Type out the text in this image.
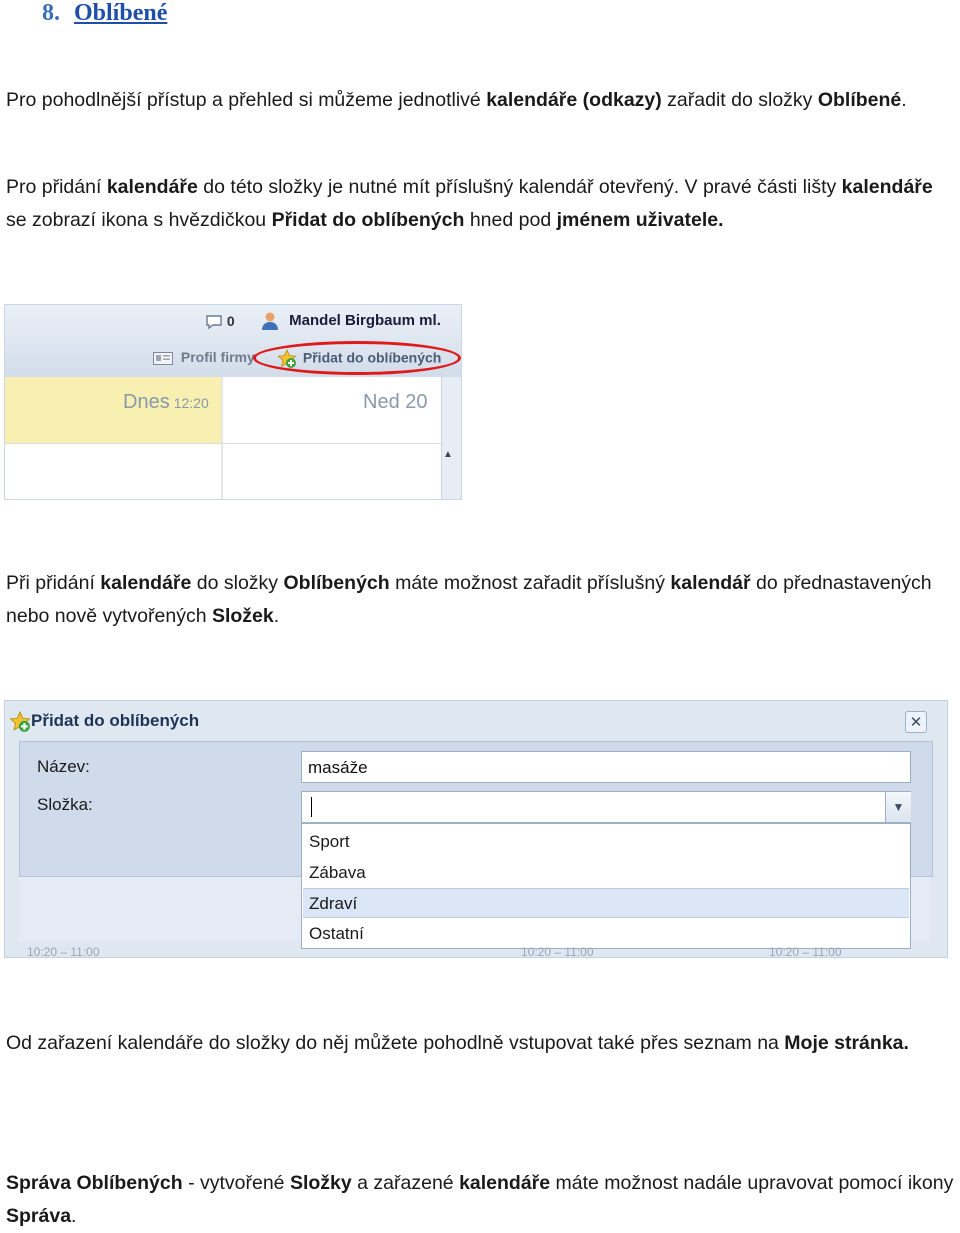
8. Oblíbené
Pro pohodlnější přístup a přehled si můžeme jednotlivé kalendáře (odkazy) zařadit do složky Oblíbené.
Pro přidání kalendáře do této složky je nutné mít příslušný kalendář otevřený. V pravé části lišty kalendáře se zobrazí ikona s hvězdičkou Přidat do oblíbených hned pod jménem uživatele.
0	Mandel Birgbaum ml.
Profil firmy	Přidat do oblíbených
Dnes 12:20	Ned 20
▲
Při přidání kalendáře do složky Oblíbených máte možnost zařadit příslušný kalendář do přednastavených nebo nově vytvořených Složek.
Přidat do oblíbených	✕
Název:	masáže
Složka:	▼
Sport
Zábava
Zdraví
Ostatní
10:20 – 11:00	10:20 – 11:00	10:20 – 11:00
Od zařazení kalendáře do složky do něj můžete pohodlně vstupovat také přes seznam na Moje stránka.
Správa Oblíbených - vytvořené Složky a zařazené kalendáře máte možnost nadále upravovat pomocí ikony Správa.
